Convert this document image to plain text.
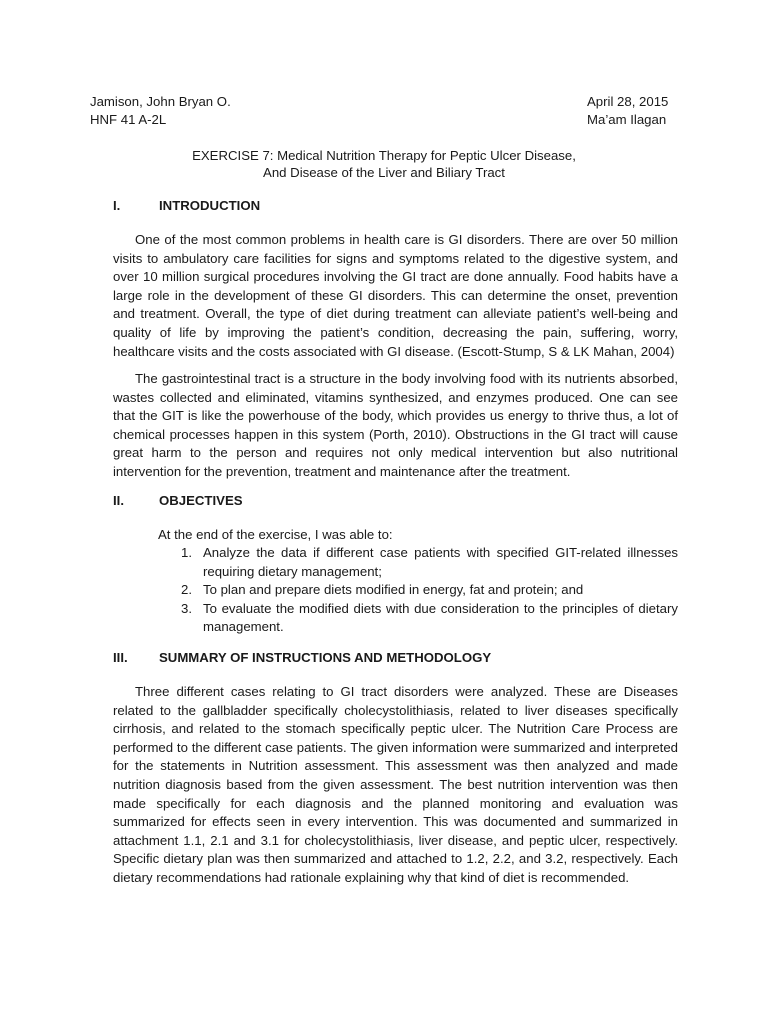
Jamison, John Bryan O.	April 28, 2015
HNF 41 A-2L	Ma’am Ilagan
EXERCISE 7: Medical Nutrition Therapy for Peptic Ulcer Disease,
And Disease of the Liver and Biliary Tract
I.	INTRODUCTION

One of the most common problems in health care is GI disorders. There are over 50 million visits to ambulatory care facilities for signs and symptoms related to the digestive system, and over 10 million surgical procedures involving the GI tract are done annually. Food habits have a large role in the development of these GI disorders. This can determine the onset, prevention and treatment. Overall, the type of diet during treatment can alleviate patient’s well-being and quality of life by improving the patient’s condition, decreasing the pain, suffering, worry, healthcare visits and the costs associated with GI disease. (Escott-Stump, S & LK Mahan, 2004)

The gastrointestinal tract is a structure in the body involving food with its nutrients absorbed, wastes collected and eliminated, vitamins synthesized, and enzymes produced. One can see that the GIT is like the powerhouse of the body, which provides us energy to thrive thus, a lot of chemical processes happen in this system (Porth, 2010). Obstructions in the GI tract will cause great harm to the person and requires not only medical intervention but also nutritional intervention for the prevention, treatment and maintenance after the treatment.

II.	OBJECTIVES
At the end of the exercise, I was able to:
1. Analyze the data if different case patients with specified GIT-related illnesses requiring dietary management;
2. To plan and prepare diets modified in energy, fat and protein; and
3. To evaluate the modified diets with due consideration to the principles of dietary management.
III. SUMMARY OF INSTRUCTIONS AND METHODOLOGY

Three different cases relating to GI tract disorders were analyzed. These are Diseases related to the gallbladder specifically cholecystolithiasis, related to liver diseases specifically cirrhosis, and related to the stomach specifically peptic ulcer. The Nutrition Care Process are performed to the different case patients. The given information were summarized and interpreted for the statements in Nutrition assessment. This assessment was then analyzed and made nutrition diagnosis based from the given assessment. The best nutrition intervention was then made specifically for each diagnosis and the planned monitoring and evaluation was summarized for effects seen in every intervention. This was documented and summarized in attachment 1.1, 2.1 and 3.1 for cholecystolithiasis, liver disease, and peptic ulcer, respectively. Specific dietary plan was then summarized and attached to 1.2, 2.2, and 3.2, respectively. Each dietary recommendations had rationale explaining why that kind of diet is recommended.
